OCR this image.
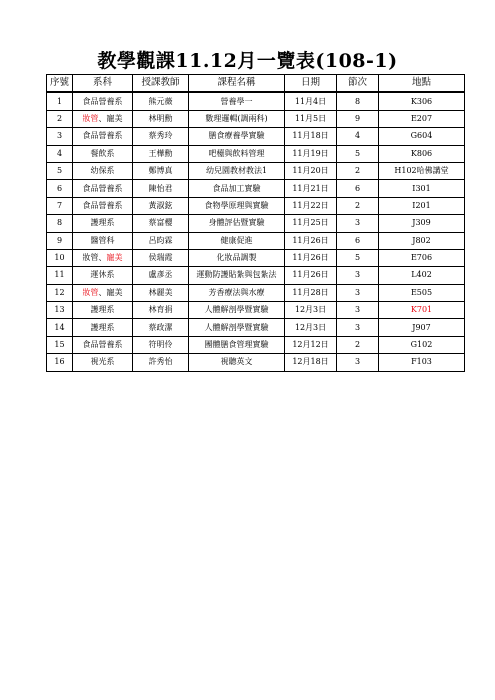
教學觀課11.12月一覽表(108-1)
序號	系科	授課教師	課程名稱	日期	節次	地點
1	食品營養系	熊元薇	營養學一	11月4日	8	K306
2	妝管、寵美	林明勳	數理邏輯(調兩科)	11月5日	9	E207
3	食品營養系	蔡秀玲	膳食療養學實驗	11月18日	4	G604
4	餐飲系	王樺勳	吧檯與飲料管理	11月19日	5	K806
5	幼保系	鄭博真	幼兒園教材教法1	11月20日	2	H102哈佛講堂
6	食品營養系	陳怡君	食品加工實驗	11月21日	6	I301
7	食品營養系	黃淑鉉	食物學原理與實驗	11月22日	2	I201
8	護理系	蔡富櫻	身體評估暨實驗	11月25日	3	J309
9	醫管科	呂昀霖	健康促進	11月26日	6	J802
10	妝管、寵美	侯瑞霞	化妝品調製	11月26日	5	E706
11	運休系	盧彥丞	運動防護貼紮與包紮法	11月26日	3	L402
12	妝管、寵美	林麗美	芳香療法與水療	11月28日	3	E505
13	護理系	林育捐	人體解剖學暨實驗	12月3日	3	K701
14	護理系	蔡政潔	人體解剖學暨實驗	12月3日	3	J907
15	食品營養系	符明伶	團體膳食管理實驗	12月12日	2	G102
16	視光系	許秀怡	視聽英文	12月18日	3	F103
